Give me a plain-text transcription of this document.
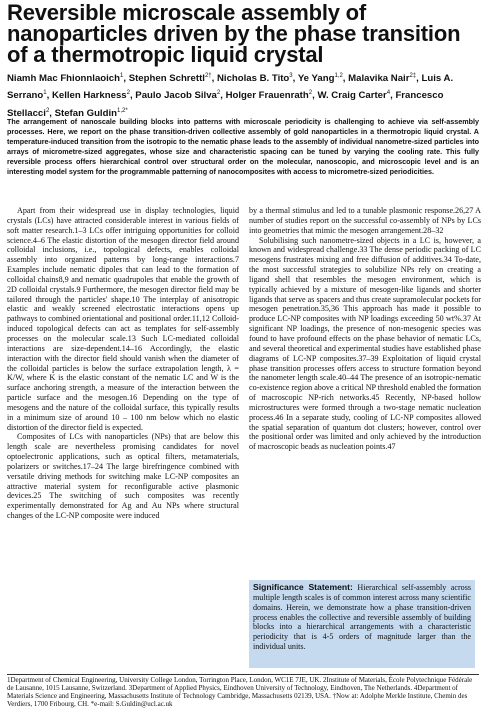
Reversible microscale assembly of nanoparticles driven by the phase transition of a thermotropic liquid crystal

Niamh Mac Fhionnlaoich$^1$, Stephen Schrettl$^{2\dagger}$, Nicholas B. Tito$^3$, Ye Yang$^{1,2}$, Malavika Nair$^{2\ddagger}$, Luis A. Serrano$^1$, Kellen Harkness$^2$, Paulo Jacob Silva$^2$, Holger Frauenrath$^2$, W. Craig Carter$^4$, Francesco Stellacci$^2$, Stefan Guldin$^{1,2*}$

The arrangement of nanoscale building blocks into patterns with microscale periodicity is challenging to achieve via self-assembly processes. Here, we report on the phase transition-driven collective assembly of gold nanoparticles in a thermotropic liquid crystal. A temperature-induced transition from the isotropic to the nematic phase leads to the assembly of individual nanometre-sized particles into arrays of micrometre-sized aggregates, whose size and characteristic spacing can be tuned by varying the cooling rate. This fully reversible process offers hierarchical control over structural order on the molecular, nanoscopic, and microscopic level and is an interesting model system for the programmable patterning of nanocomposites with access to micrometre-sized periodicities.

Apart from their widespread use in display technologies, liquid crystals (LCs) have attracted considerable interest in various fields of soft matter research.1–3 LCs offer intriguing opportunities for colloid science.4–6 The elastic distortion of the mesogen director field around colloidal inclusions, i.e., topological defects, enables colloidal assembly into organized patterns by long-range interactions.7 Examples include nematic dipoles that can lead to the formation of colloidal chains8,9 and nematic quadrupoles that enable the growth of 2D colloidal crystals.9 Furthermore, the mesogen director field may be tailored through the particles' shape.10 The interplay of anisotropic elastic and weakly screened electrostatic interactions opens up pathways to combined orientational and positional order.11,12 Colloid-induced topological defects can act as templates for self-assembly processes on the molecular scale.13 Such LC-mediated colloidal interactions are size-dependent.14–16 Accordingly, the elastic interaction with the director field should vanish when the diameter of the colloidal particles is below the surface extrapolation length, λ = K/W, where K is the elastic constant of the nematic LC and W is the surface anchoring strength, a measure of the interaction between the particle surface and the mesogen.16 Depending on the type of mesogens and the nature of the colloidal surface, this typically results in a minimum size of around 10 – 100 nm below which no elastic distortion of the director field is expected.

Composites of LCs with nanoparticles (NPs) that are below this length scale are nevertheless promising candidates for novel optoelectronic applications, such as optical filters, metamaterials, polarizers or switches.17–24 The large birefringence combined with versatile driving methods for switching make LC-NP composites an attractive material system for reconfigurable active plasmonic devices.25 The switching of such composites was recently experimentally demonstrated for Ag and Au NPs where structural changes of the LC-NP composite were induced

by a thermal stimulus and led to a tunable plasmonic response.26,27 A number of studies report on the successful co-assembly of NPs by LCs into geometries that mimic the mesogen arrangement.28–32

Solubilising such nanometre-sized objects in a LC is, however, a known and widespread challenge.33 The dense periodic packing of LC mesogens frustrates mixing and free diffusion of additives.34 To-date, the most successful strategies to solubilize NPs rely on creating a ligand shell that resembles the mesogen environment, which is typically achieved by a mixture of mesogen-like ligands and shorter ligands that serve as spacers and thus create supramolecular pockets for mesogen penetration.35,36 This approach has made it possible to produce LC-NP composites with NP loadings exceeding 50 wt%.37 At significant NP loadings, the presence of non-mesogenic species was found to have profound effects on the phase behavior of nematic LCs, and several theoretical and experimental studies have established phase diagrams of LC-NP composites.37–39 Exploitation of liquid crystal phase transition processes offers access to structure formation beyond the nanometer length scale.40–44 The presence of an isotropic-nematic co-existence region above a critical NP threshold enabled the formation of macroscopic NP-rich networks.45 Recently, NP-based hollow microstructures were formed through a two-stage nematic nucleation process.46 In a separate study, cooling of LC-NP composites allowed the spatial separation of quantum dot clusters; however, control over the positional order was limited and only achieved by the introduction of macroscopic beads as nucleation points.47

Significance Statement: Hierarchical self-assembly across multiple length scales is of common interest across many scientific domains. Herein, we demonstrate how a phase transition-driven process enables the collective and reversible assembly of building blocks into a hierarchical arrangements with a characteristic periodicity that is 4-5 orders of magnitude larger than the individual units.

1Department of Chemical Engineering, University College London, Torrington Place, London, WC1E 7JE, UK. 2Institute of Materials, École Polytechnique Fédérale de Lausanne, 1015 Lausanne, Switzerland. 3Department of Applied Physics, Eindhoven University of Technology, Eindhoven, The Netherlands. 4Department of Materials Science and Engineering, Massachusetts Institute of Technology Cambridge, Massachusetts 02139, USA. †Now at: Adolphe Merkle Institute, Chemin des Verdiers, 1700 Fribourg, CH. *e-mail: S.Guldin@ucl.ac.uk
